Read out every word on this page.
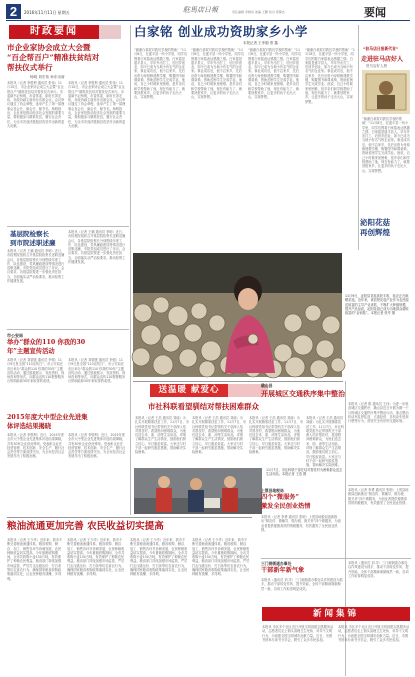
2	2016年11月11日 星期五	駐馬店日報	责任编辑 李晓凤 美编 王鹏 校对 蔡锡杰	要闻
时政要闻
市企业家协会成立大会暨
“百企帮百户”精准扶贫结对
帮扶仪式举行
杨明 刘宏伟 孙东出席
本报讯（记者 李胜利 通讯员 张伟）11月10日，市企业家协会成立大会暨“百企帮百户”精准扶贫结对帮扶仪式举行。市委副书记杨明，市委常委、副市长刘宏伟，市政协副主席孙东出席会议。会议审议通过了协会章程，选举产生了第一届理事会及会长、副会长、秘书长。杨明指出，企业家是推动经济社会发展的重要力量，要积极参与精准扶贫，履行社会责任，为全市决战决胜脱贫攻坚作出新的更大贡献。
本报讯（记者 李胜利 通讯员 张伟）11月10日，市企业家协会成立大会暨“百企帮百户”精准扶贫结对帮扶仪式举行。市委副书记杨明，市委常委、副市长刘宏伟，市政协副主席孙东出席会议。会议审议通过了协会章程，选举产生了第一届理事会及会长、副会长、秘书长。杨明指出，企业家是推动经济社会发展的重要力量，要积极参与精准扶贫，履行社会责任，为全市决战决胜脱贫攻坚作出新的更大贡献。
基层院检察长
到市院述职述廉
本报讯（记者 王鹏 通讯员 李明）近日，市检察院组织召开基层院检察长述职述廉会议，各基层院检察长分别围绕年度工作、队伍建设、党风廉政建设等情况进行述职述廉，市院党组成员进行了评议。会议要求，各基层院要进一步强化责任担当，全面落实从严治检要求，推动检察工作健康发展。
本报讯（记者 王鹏 通讯员 李明）近日，市检察院组织召开基层院检察长述职述廉会议，各基层院检察长分别围绕年度工作、队伍建设、党风廉政建设等情况进行述职述廉，市院党组成员进行了评议。会议要求，各基层院要进一步强化责任担当，全面落实从严治检要求，推动检察工作健康发展。
市公安局
举办“群众的110 你我的30
年”主题宣传活动
本报讯（记者 刘德建 通讯员 李强）11月9日是全国“110宣传日”，市公安局在市区举办“群众的110 你我的30年”主题宣传活动，通过展板展示、发放资料、现场咨询等形式，向群众宣传110报警服务台的职能和30年来取得的成绩。
本报讯（记者 刘德建 通讯员 李强）11月9日是全国“110宣传日”，市公安局在市区举办“群众的110 你我的30年”主题宣传活动，通过展板展示、发放资料、现场咨询等形式，向群众宣传110报警服务台的职能和30年来取得的成绩。
2015年度大中型企业先进集
体评选结果揭晓
本报讯（记者 李胜利）近日，2015年度全市大中型企业先进集体评选结果揭晓，共有30家企业获此殊荣。受表彰企业在经营管理、技术创新、安全生产、履行社会责任等方面成绩突出，为全市经济社会发展作出了积极贡献。
本报讯（记者 李胜利）近日，2015年度全市大中型企业先进集体评选结果揭晓，共有30家企业获此殊荣。受表彰企业在经营管理、技术创新、安全生产、履行社会责任等方面成绩突出，为全市经济社会发展作出了积极贡献。
粮油流通更加完善 农民收益切实提高
本报讯（记者 王少华）近年来，我市不断完善粮油流通体系，粮食收购、储存、加工、销售各环节协调发展，农民种粮收益切实提高。今年夏粮收购期间，全市共收购小麦150万吨，有效保护了种粮农民利益。粮食部门持续加强市场监管，严厉打击压级压价、打白条等坑农害农行为，确保国家粮食收购政策落到实处，让农民种粮有钱赚、多得利。
本报讯（记者 王少华）近年来，我市不断完善粮油流通体系，粮食收购、储存、加工、销售各环节协调发展，农民种粮收益切实提高。今年夏粮收购期间，全市共收购小麦150万吨，有效保护了种粮农民利益。粮食部门持续加强市场监管，严厉打击压级压价、打白条等坑农害农行为，确保国家粮食收购政策落到实处，让农民种粮有钱赚、多得利。
本报讯（记者 王少华）近年来，我市不断完善粮油流通体系，粮食收购、储存、加工、销售各环节协调发展，农民种粮收益切实提高。今年夏粮收购期间，全市共收购小麦150万吨，有效保护了种粮农民利益。粮食部门持续加强市场监管，严厉打击压级压价、打白条等坑农害农行为，确保国家粮食收购政策落到实处，让农民种粮有钱赚、多得利。
本报讯（记者 王少华）近年来，我市不断完善粮油流通体系，粮食收购、储存、加工、销售各环节协调发展，农民种粮收益切实提高。今年夏粮收购期间，全市共收购小麦150万吨，有效保护了种粮农民利益。粮食部门持续加强市场监管，严厉打击压级压价、打白条等坑农害农行为，确保国家粮食收购政策落到实处，让农民种粮有钱赚、多得利。
白家铭 创业成功资助家乡小学
本报记者 王孝刚 郑 鑫
“谢谢白叔叔对我们学校的帮助！”11月8日，在遂平县一所小学里，同学们围着白家铭表达感激之情。白家铭是遂平县人，早年外出打工，后回乡创业，如今已成为当地小有名气的企业家。事业成功后，他不忘家乡，先后出资为母校修建教学楼、购置图书和课桌椅，资助贫困学生完成学业。他说，自己小时候家里困难，是乡亲们和学校帮助了他，现在有能力了，就要回报家乡，让更多的孩子走出大山，实现梦想。
“谢谢白叔叔对我们学校的帮助！”11月8日，在遂平县一所小学里，同学们围着白家铭表达感激之情。白家铭是遂平县人，早年外出打工，后回乡创业，如今已成为当地小有名气的企业家。事业成功后，他不忘家乡，先后出资为母校修建教学楼、购置图书和课桌椅，资助贫困学生完成学业。他说，自己小时候家里困难，是乡亲们和学校帮助了他，现在有能力了，就要回报家乡，让更多的孩子走出大山，实现梦想。
“谢谢白叔叔对我们学校的帮助！”11月8日，在遂平县一所小学里，同学们围着白家铭表达感激之情。白家铭是遂平县人，早年外出打工，后回乡创业，如今已成为当地小有名气的企业家。事业成功后，他不忘家乡，先后出资为母校修建教学楼、购置图书和课桌椅，资助贫困学生完成学业。他说，自己小时候家里困难，是乡亲们和学校帮助了他，现在有能力了，就要回报家乡，让更多的孩子走出大山，实现梦想。
“谢谢白叔叔对我们学校的帮助！”11月8日，在遂平县一所小学里，同学们围着白家铭表达感激之情。白家铭是遂平县人，早年外出打工，后回乡创业，如今已成为当地小有名气的企业家。事业成功后，他不忘家乡，先后出资为母校修建教学楼、购置图书和课桌椅，资助贫困学生完成学业。他说，自己小时候家里困难，是乡亲们和学校帮助了他，现在有能力了，就要回报家乡，让更多的孩子走出大山，实现梦想。
11月9日，泌阳县花菇喜获丰收，菇农正在晾晒花菇。近年来，该县把花菇产业作为农民脱贫致富的主导产业来抓，不断扩大种植规模，提升产品品质，泌阳花菇已成为当地群众增收致富的“金钥匙”。本报记者 张华 摄
“驻马店日报新代言”
走进驻马店好人
驻马店好人榜
“谢谢白叔叔对我们学校的帮助！”11月8日，在遂平县一所小学里，同学们围着白家铭表达感激之情。白家铭是遂平县人，早年外出打工，后回乡创业，如今已成为当地小有名气的企业家。事业成功后，他不忘家乡，先后出资为母校修建教学楼、购置图书和课桌椅，资助贫困学生完成学业。他说，自己小时候家里困难，是乡亲们和学校帮助了他，现在有能力了，就要回报家乡，让更多的孩子走出大山，实现梦想。
泌阳花菇
再创辉煌
送温暖 献爱心
市社科联看望驯结对帮扶困难群众
本报讯（记者 王浩 通讯员 刘丽）为扎实开展精准扶贫工作，11月7日，市社科联党组书记带领机关干部深入结对帮扶村，看望慰问困难群众，为他们送去米、面、油等生活用品，详细了解群众生产生活情况，鼓励他们树立信心，早日脱贫致富。大家还与村干部一起研究脱贫措施，帮助解决实际困难。
本报讯（记者 王浩 通讯员 刘丽）为扎实开展精准扶贫工作，11月7日，市社科联党组书记带领机关干部深入结对帮扶村，看望慰问困难群众，为他们送去米、面、油等生活用品，详细了解群众生产生活情况，鼓励他们树立信心，早日脱贫致富。大家还与村干部一起研究脱贫措施，帮助解决实际困难。
本报讯（记者 王浩 通讯员 刘丽）为扎实开展精准扶贫工作，11月7日，市社科联党组书记带领机关干部深入结对帮扶村，看望慰问困难群众，为他们送去米、面、油等生活用品，详细了解群众生产生活情况，鼓励他们树立信心，早日脱贫致富。大家还与村干部一起研究脱贫措施，帮助解决实际困难。
本报讯（记者 王浩 通讯员 刘丽）为扎实开展精准扶贫工作，11月7日，市社科联党组书记带领机关干部深入结对帮扶村，看望慰问困难群众，为他们送去米、面、油等生活用品，详细了解群众生产生活情况，鼓励他们树立信心，早日脱贫致富。大家还与村干部一起研究脱贫措施，帮助解决实际困难。
11月7日，市社科联干部在结对帮扶村为困难群众送去生活用品。本报记者 王浩 摄
确山县
开展城区交通秩序集中整治
本报讯（记者 陈 通讯员 王伟）为进一步规范城区交通秩序，确山县近日开展为期一个月的城区交通秩序集中整治行动，重点整治机动车乱停乱放、占道经营、非机动车违规行驶等行为，营造安全有序的交通环境。
上蔡县地税局
四个“微服务”
激发全民创业热情
本报讯（记者 李勇 通讯员 张明）上蔡县地税局创新推出“微宣传、微辅导、微办税、微关怀”四个微服务，为创业者提供便捷高效的纳税服务，有效激发了全民创业热情。
本报讯（记者 李勇 通讯员 张明）上蔡县地税局创新推出“微宣传、微辅导、微办税、微关怀”四个微服务，为创业者提供便捷高效的纳税服务，有效激发了全民创业热情。
三门闸街道办事处
干部新年新气象
本报讯（通讯员 刘 洋）三门闸街道办事处以作风建设为抓手，推动干部转变作风、提升效能，全体干部精神面貌焕然一新，各项工作取得明显成效。
本报讯（通讯员 刘 洋）三门闸街道办事处以作风建设为抓手，推动干部转变作风、提升效能，全体干部精神面貌焕然一新，各项工作取得明显成效。
新闻集锦
本报讯 市区多个社区近日开展文明创建志愿服务活动，志愿者们走上街头清理卫生死角、劝导不文明行为，为创建全国文明城市贡献力量。近日，市图书馆举办读书分享会，吸引了众多市民参加。
本报讯 市区多个社区近日开展文明创建志愿服务活动，志愿者们走上街头清理卫生死角、劝导不文明行为，为创建全国文明城市贡献力量。近日，市图书馆举办读书分享会，吸引了众多市民参加。
